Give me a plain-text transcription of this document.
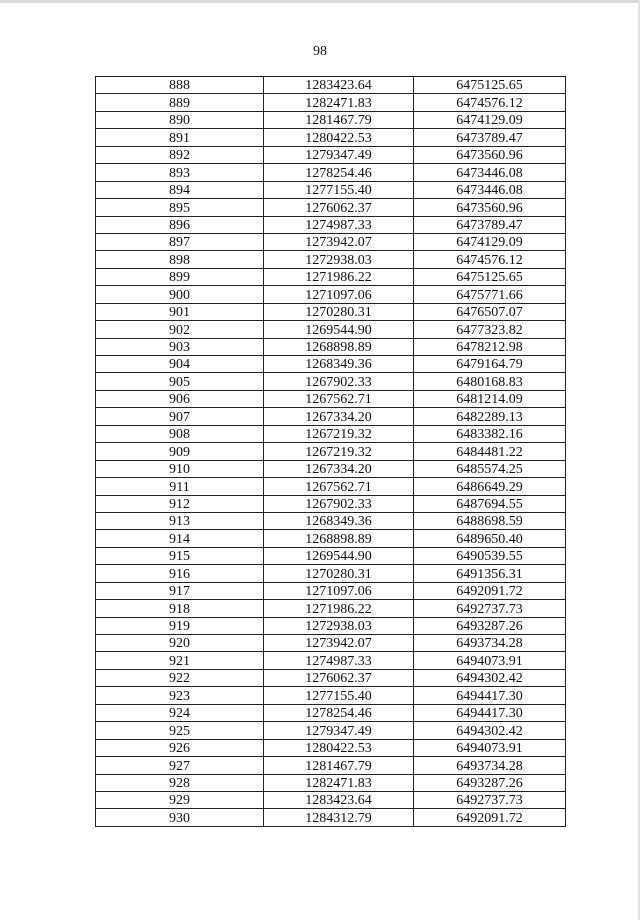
98
888	1283423.64	6475125.65
889	1282471.83	6474576.12
890	1281467.79	6474129.09
891	1280422.53	6473789.47
892	1279347.49	6473560.96
893	1278254.46	6473446.08
894	1277155.40	6473446.08
895	1276062.37	6473560.96
896	1274987.33	6473789.47
897	1273942.07	6474129.09
898	1272938.03	6474576.12
899	1271986.22	6475125.65
900	1271097.06	6475771.66
901	1270280.31	6476507.07
902	1269544.90	6477323.82
903	1268898.89	6478212.98
904	1268349.36	6479164.79
905	1267902.33	6480168.83
906	1267562.71	6481214.09
907	1267334.20	6482289.13
908	1267219.32	6483382.16
909	1267219.32	6484481.22
910	1267334.20	6485574.25
911	1267562.71	6486649.29
912	1267902.33	6487694.55
913	1268349.36	6488698.59
914	1268898.89	6489650.40
915	1269544.90	6490539.55
916	1270280.31	6491356.31
917	1271097.06	6492091.72
918	1271986.22	6492737.73
919	1272938.03	6493287.26
920	1273942.07	6493734.28
921	1274987.33	6494073.91
922	1276062.37	6494302.42
923	1277155.40	6494417.30
924	1278254.46	6494417.30
925	1279347.49	6494302.42
926	1280422.53	6494073.91
927	1281467.79	6493734.28
928	1282471.83	6493287.26
929	1283423.64	6492737.73
930	1284312.79	6492091.72
